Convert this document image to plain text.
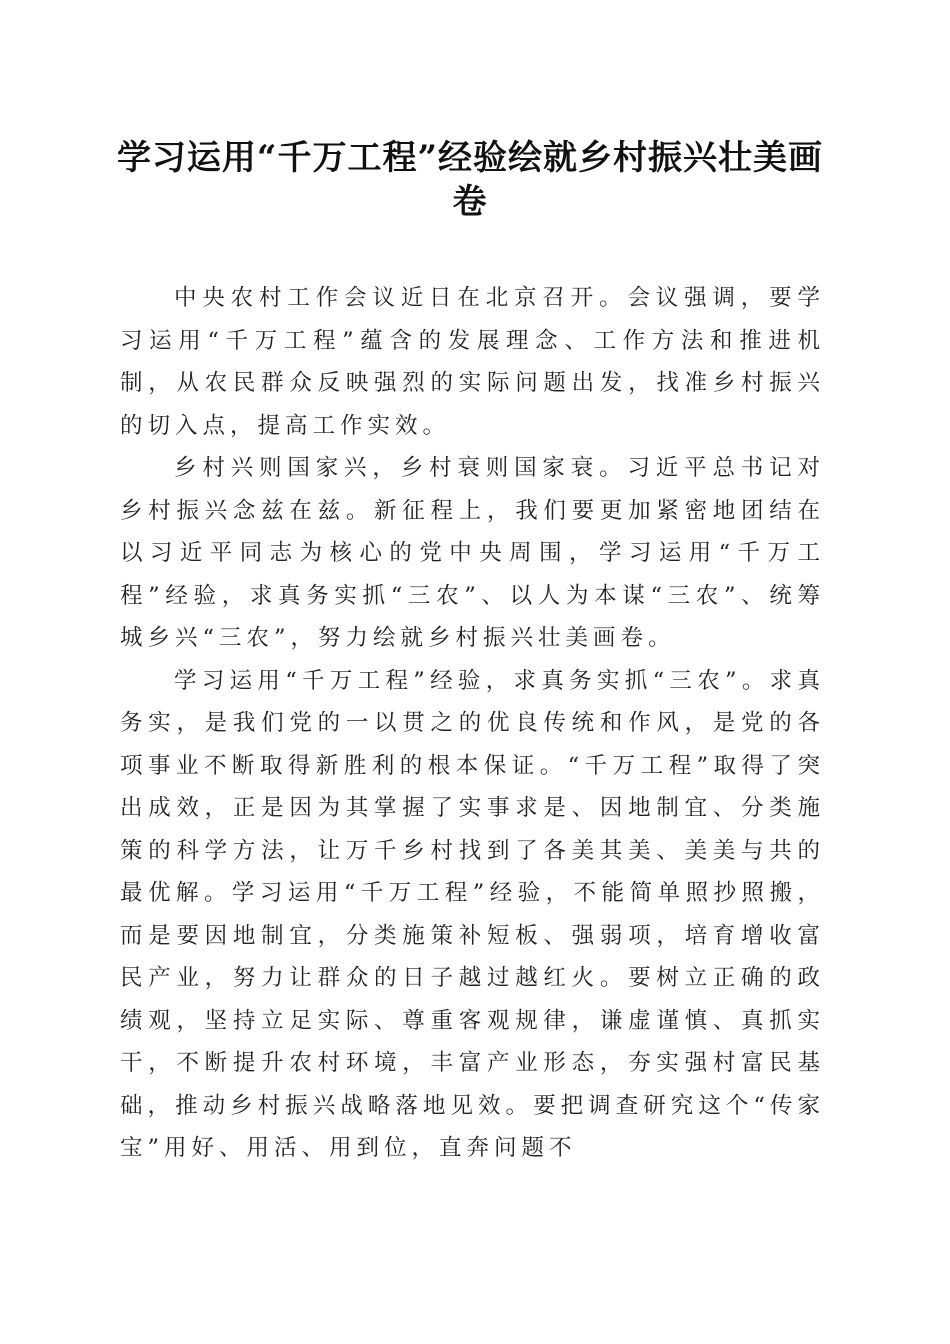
学习运用“千万工程”经验绘就乡村振兴壮美画卷

中央农村工作会议近日在北京召开。会议强调，要学习运用“千万工程”蕴含的发展理念、工作方法和推进机制，从农民群众反映强烈的实际问题出发，找准乡村振兴的切入点，提高工作实效。

乡村兴则国家兴，乡村衰则国家衰。习近平总书记对乡村振兴念兹在兹。新征程上，我们要更加紧密地团结在以习近平同志为核心的党中央周围，学习运用“千万工程”经验，求真务实抓“三农”、以人为本谋“三农”、统筹城乡兴“三农”，努力绘就乡村振兴壮美画卷。

学习运用“千万工程”经验，求真务实抓“三农”。求真务实，是我们党的一以贯之的优良传统和作风，是党的各项事业不断取得新胜利的根本保证。“千万工程”取得了突出成效，正是因为其掌握了实事求是、因地制宜、分类施策的科学方法，让万千乡村找到了各美其美、美美与共的最优解。学习运用“千万工程”经验，不能简单照抄照搬，而是要因地制宜，分类施策补短板、强弱项，培育增收富民产业，努力让群众的日子越过越红火。要树立正确的政绩观，坚持立足实际、尊重客观规律，谦虚谨慎、真抓实干，不断提升农村环境，丰富产业形态，夯实强村富民基础，推动乡村振兴战略落地见效。要把调查研究这个“传家宝”用好、用活、用到位，直奔问题不
